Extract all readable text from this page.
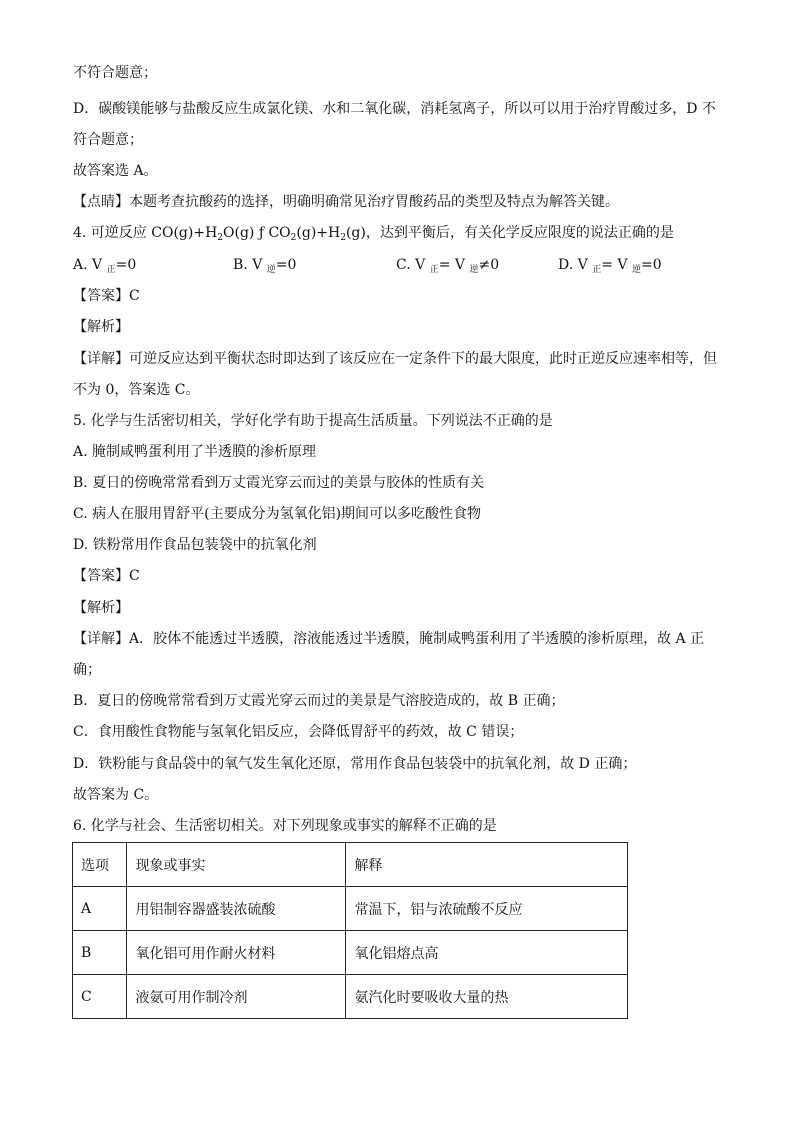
不符合题意；
D．碳酸镁能够与盐酸反应生成氯化镁、水和二氧化碳，消耗氢离子，所以可以用于治疗胃酸过多，D 不
符合题意；
故答案选 A。
【点睛】本题考查抗酸药的选择，明确明确常见治疗胃酸药品的类型及特点为解答关键。
4. 可逆反应 $CO(g)+H_2O(g)$ ƒ $CO_2(g)+H_2(g)$，达到平衡后，有关化学反应限度的说法正确的是
A. V $_正$=0	B. V $_逆$=0	C. V $_正$= V $_逆$≠0	D. V $_正$= V $_逆$=0
【答案】C
【解析】
【详解】可逆反应达到平衡状态时即达到了该反应在一定条件下的最大限度，此时正逆反应速率相等，但
不为 0，答案选 C。
5. 化学与生活密切相关，学好化学有助于提高生活质量。下列说法不正确的是
A. 腌制咸鸭蛋利用了半透膜的渗析原理
B. 夏日的傍晚常常看到万丈霞光穿云而过的美景与胶体的性质有关
C. 病人在服用胃舒平(主要成分为氢氧化铝)期间可以多吃酸性食物
D. 铁粉常用作食品包装袋中的抗氧化剂
【答案】C
【解析】
【详解】A．胶体不能透过半透膜，溶液能透过半透膜，腌制咸鸭蛋利用了半透膜的渗析原理，故 A 正
确；
B．夏日的傍晚常常看到万丈霞光穿云而过的美景是气溶胶造成的，故 B 正确；
C．食用酸性食物能与氢氧化铝反应，会降低胃舒平的药效，故 C 错误；
D．铁粉能与食品袋中的氧气发生氧化还原，常用作食品包装袋中的抗氧化剂，故 D 正确；
故答案为 C。
6. 化学与社会、生活密切相关。对下列现象或事实的解释不正确的是
选项	现象或事实	解释
A	用铝制容器盛装浓硫酸	常温下，铝与浓硫酸不反应
B	氧化铝可用作耐火材料	氧化铝熔点高
C	液氨可用作制冷剂	氨汽化时要吸收大量的热
